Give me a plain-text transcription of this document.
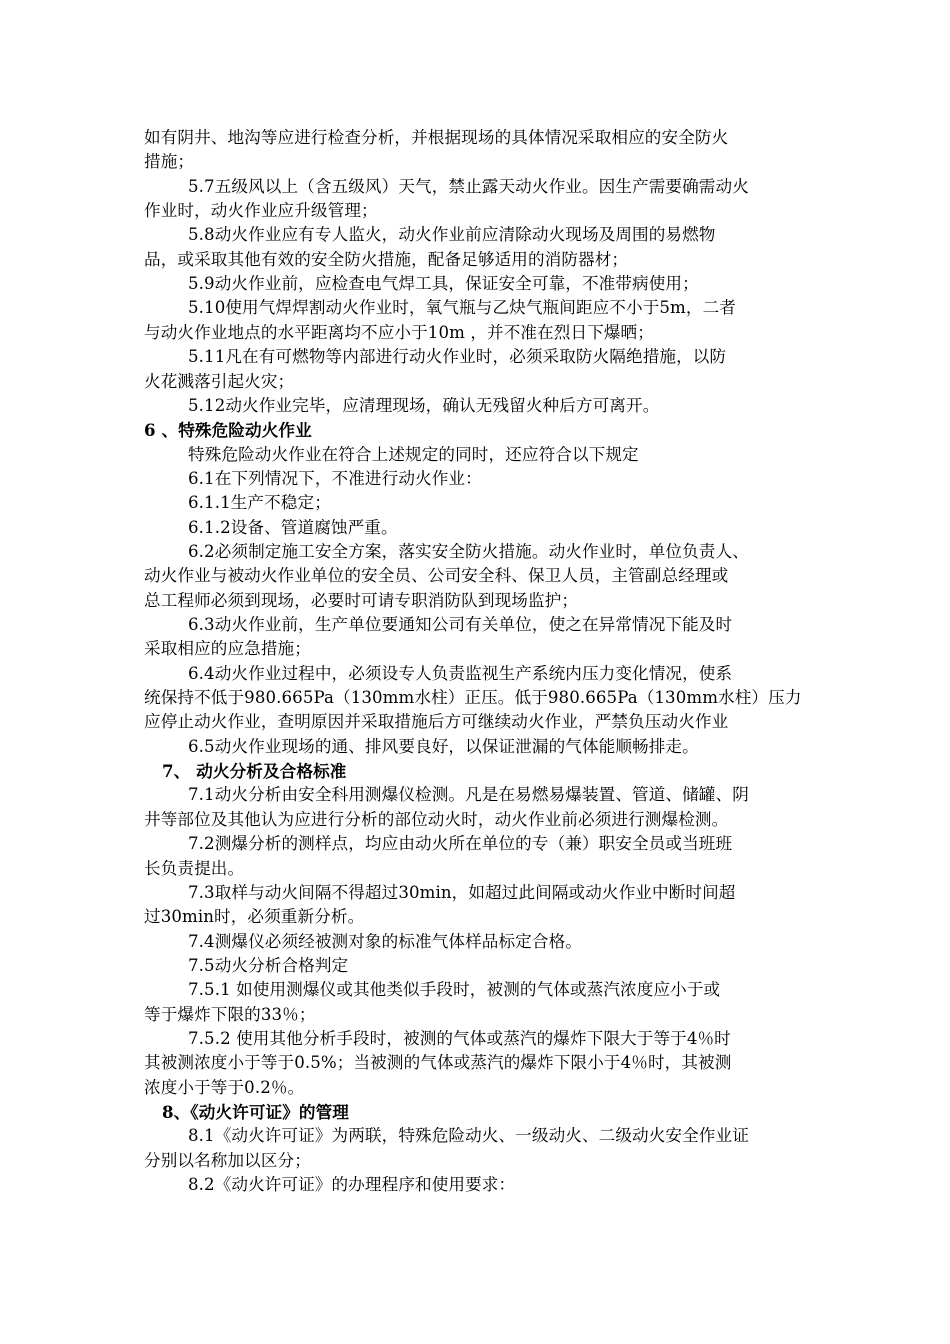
如有阴井、地沟等应进行检查分析，并根据现场的具体情况采取相应的安全防火
措施；
5.7五级风以上（含五级风）天气，禁止露天动火作业。因生产需要确需动火
作业时，动火作业应升级管理；
5.8动火作业应有专人监火，动火作业前应清除动火现场及周围的易燃物
品，或采取其他有效的安全防火措施，配备足够适用的消防器材；
5.9动火作业前，应检查电气焊工具，保证安全可靠，不准带病使用；
5.10使用气焊焊割动火作业时，氧气瓶与乙炔气瓶间距应不小于5m，二者
与动火作业地点的水平距离均不应小于10m ，并不准在烈日下爆晒；
5.11凡在有可燃物等内部进行动火作业时，必须采取防火隔绝措施，以防
火花溅落引起火灾；
5.12动火作业完毕，应清理现场，确认无残留火种后方可离开。
6 、特殊危险动火作业
特殊危险动火作业在符合上述规定的同时，还应符合以下规定
6.1在下列情况下，不准进行动火作业：
6.1.1生产不稳定；
6.1.2设备、管道腐蚀严重。
6.2必须制定施工安全方案，落实安全防火措施。动火作业时，单位负责人、
动火作业与被动火作业单位的安全员、公司安全科、保卫人员，主管副总经理或
总工程师必须到现场，必要时可请专职消防队到现场监护；
6.3动火作业前，生产单位要通知公司有关单位，使之在异常情况下能及时
采取相应的应急措施；
6.4动火作业过程中，必须设专人负责监视生产系统内压力变化情况，使系
统保持不低于980.665Pa（130mm水柱）正压。低于980.665Pa（130mm水柱）压力
应停止动火作业，查明原因并采取措施后方可继续动火作业，严禁负压动火作业
6.5动火作业现场的通、排风要良好，以保证泄漏的气体能顺畅排走。
7、 动火分析及合格标准
7.1动火分析由安全科用测爆仪检测。凡是在易燃易爆装置、管道、储罐、阴
井等部位及其他认为应进行分析的部位动火时，动火作业前必须进行测爆检测。
7.2测爆分析的测样点，均应由动火所在单位的专（兼）职安全员或当班班
长负责提出。
7.3取样与动火间隔不得超过30min，如超过此间隔或动火作业中断时间超
过30min时，必须重新分析。
7.4测爆仪必须经被测对象的标准气体样品标定合格。
7.5动火分析合格判定
7.5.1 如使用测爆仪或其他类似手段时，被测的气体或蒸汽浓度应小于或
等于爆炸下限的33％；
7.5.2 使用其他分析手段时，被测的气体或蒸汽的爆炸下限大于等于4％时
其被测浓度小于等于0.5%；当被测的气体或蒸汽的爆炸下限小于4％时，其被测
浓度小于等于0.2％。
8、《动火许可证》的管理
8.1《动火许可证》为两联，特殊危险动火、一级动火、二级动火安全作业证
分别以名称加以区分；
8.2《动火许可证》的办理程序和使用要求：
